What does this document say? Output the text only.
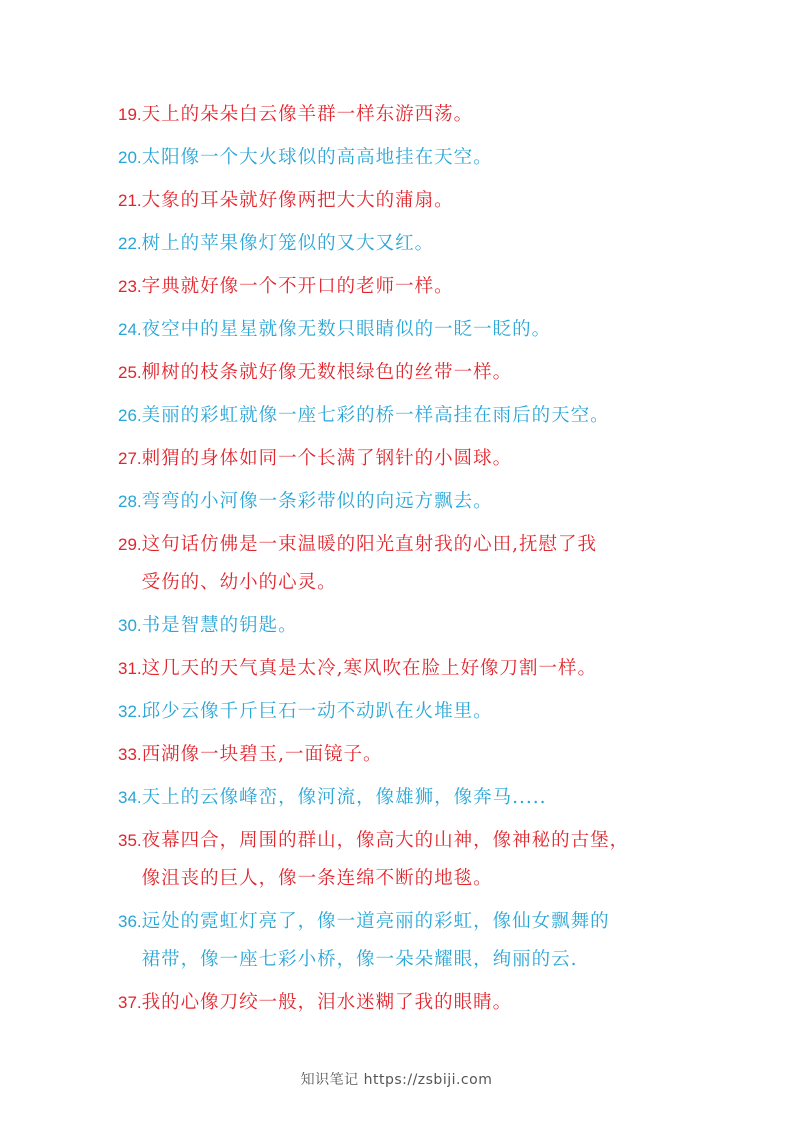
19. 天上的朵朵白云像羊群一样东游西荡。
20. 太阳像一个大火球似的高高地挂在天空。
21. 大象的耳朵就好像两把大大的蒲扇。
22. 树上的苹果像灯笼似的又大又红。
23. 字典就好像一个不开口的老师一样。
24. 夜空中的星星就像无数只眼睛似的一眨一眨的。
25. 柳树的枝条就好像无数根绿色的丝带一样。
26. 美丽的彩虹就像一座七彩的桥一样高挂在雨后的天空。
27. 刺猬的身体如同一个长满了钢针的小圆球。
28. 弯弯的小河像一条彩带似的向远方飘去。
29. 这句话仿佛是一束温暖的阳光直射我的心田,抚慰了我
受伤的、幼小的心灵。
30. 书是智慧的钥匙。
31. 这几天的天气真是太冷,寒风吹在脸上好像刀割一样。
32. 邱少云像千斤巨石一动不动趴在火堆里。
33. 西湖像一块碧玉,一面镜子。
34. 天上的云像峰峦，像河流，像雄狮，像奔马.....
35. 夜幕四合，周围的群山，像高大的山神，像神秘的古堡，
像沮丧的巨人，像一条连绵不断的地毯。
36. 远处的霓虹灯亮了，像一道亮丽的彩虹，像仙女飘舞的
裙带，像一座七彩小桥，像一朵朵耀眼，绚丽的云.
37. 我的心像刀绞一般，泪水迷糊了我的眼睛。
知识笔记 https://zsbiji.com
